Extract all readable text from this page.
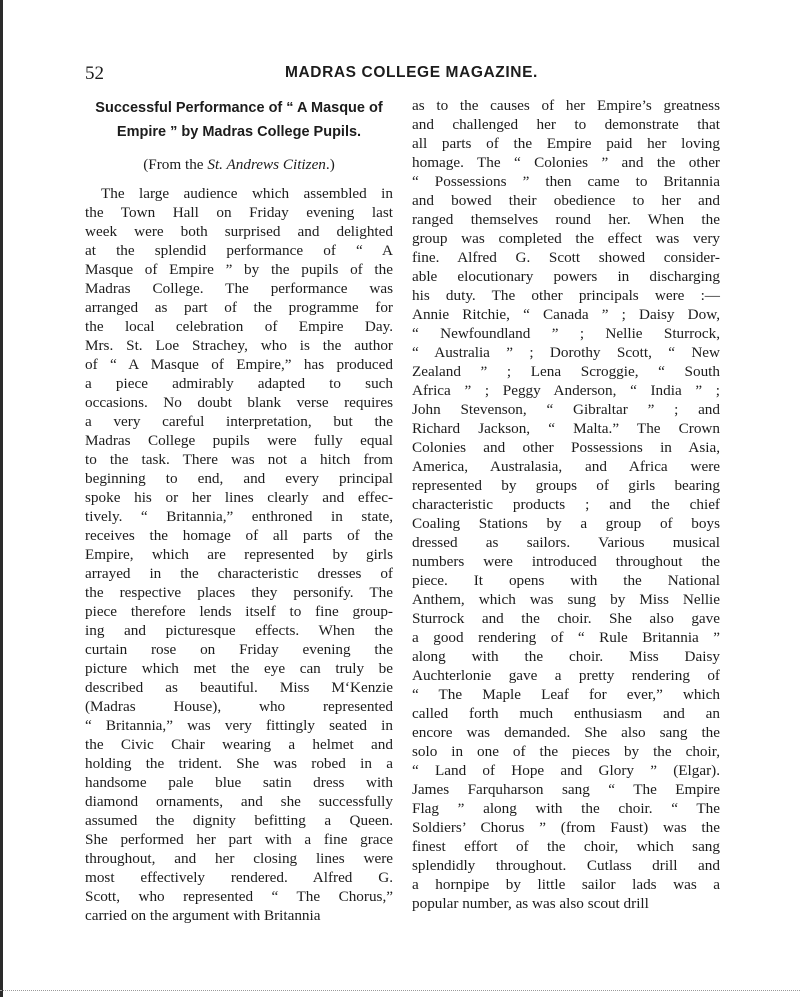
52	MADRAS COLLEGE MAGAZINE.
Successful Performance of “ A Masque of
Empire ” by Madras College Pupils.
(From the St. Andrews Citizen.)
The large audience which assembled in
the Town Hall on Friday evening last
week were both surprised and delighted
at the splendid performance of “ A
Masque of Empire ” by the pupils of the
Madras College. The performance was
arranged as part of the programme for
the local celebration of Empire Day.
Mrs. St. Loe Strachey, who is the author
of “ A Masque of Empire,” has produced
a piece admirably adapted to such
occasions. No doubt blank verse requires
a very careful interpretation, but the
Madras College pupils were fully equal
to the task. There was not a hitch from
beginning to end, and every principal
spoke his or her lines clearly and effec-
tively. “ Britannia,” enthroned in state,
receives the homage of all parts of the
Empire, which are represented by girls
arrayed in the characteristic dresses of
the respective places they personify. The
piece therefore lends itself to fine group-
ing and picturesque effects. When the
curtain rose on Friday evening the
picture which met the eye can truly be
described as beautiful. Miss M‘Kenzie
(Madras House), who represented
“ Britannia,” was very fittingly seated in
the Civic Chair wearing a helmet and
holding the trident. She was robed in a
handsome pale blue satin dress with
diamond ornaments, and she successfully
assumed the dignity befitting a Queen.
She performed her part with a fine grace
throughout, and her closing lines were
most effectively rendered. Alfred G.
Scott, who represented “ The Chorus,”
carried on the argument with Britannia
as to the causes of her Empire’s greatness
and challenged her to demonstrate that
all parts of the Empire paid her loving
homage. The “ Colonies ” and the other
“ Possessions ” then came to Britannia
and bowed their obedience to her and
ranged themselves round her. When the
group was completed the effect was very
fine. Alfred G. Scott showed consider-
able elocutionary powers in discharging
his duty. The other principals were :—
Annie Ritchie, “ Canada ” ; Daisy Dow,
“ Newfoundland ” ; Nellie Sturrock,
“ Australia ” ; Dorothy Scott, “ New
Zealand ” ; Lena Scroggie, “ South
Africa ” ; Peggy Anderson, “ India ” ;
John Stevenson, “ Gibraltar ” ; and
Richard Jackson, “ Malta.” The Crown
Colonies and other Possessions in Asia,
America, Australasia, and Africa were
represented by groups of girls bearing
characteristic products ; and the chief
Coaling Stations by a group of boys
dressed as sailors. Various musical
numbers were introduced throughout the
piece. It opens with the National
Anthem, which was sung by Miss Nellie
Sturrock and the choir. She also gave
a good rendering of “ Rule Britannia ”
along with the choir. Miss Daisy
Auchterlonie gave a pretty rendering of
“ The Maple Leaf for ever,” which
called forth much enthusiasm and an
encore was demanded. She also sang the
solo in one of the pieces by the choir,
“ Land of Hope and Glory ” (Elgar).
James Farquharson sang “ The Empire
Flag ” along with the choir. “ The
Soldiers’ Chorus ” (from Faust) was the
finest effort of the choir, which sang
splendidly throughout. Cutlass drill and
a hornpipe by little sailor lads was a
popular number, as was also scout drill
